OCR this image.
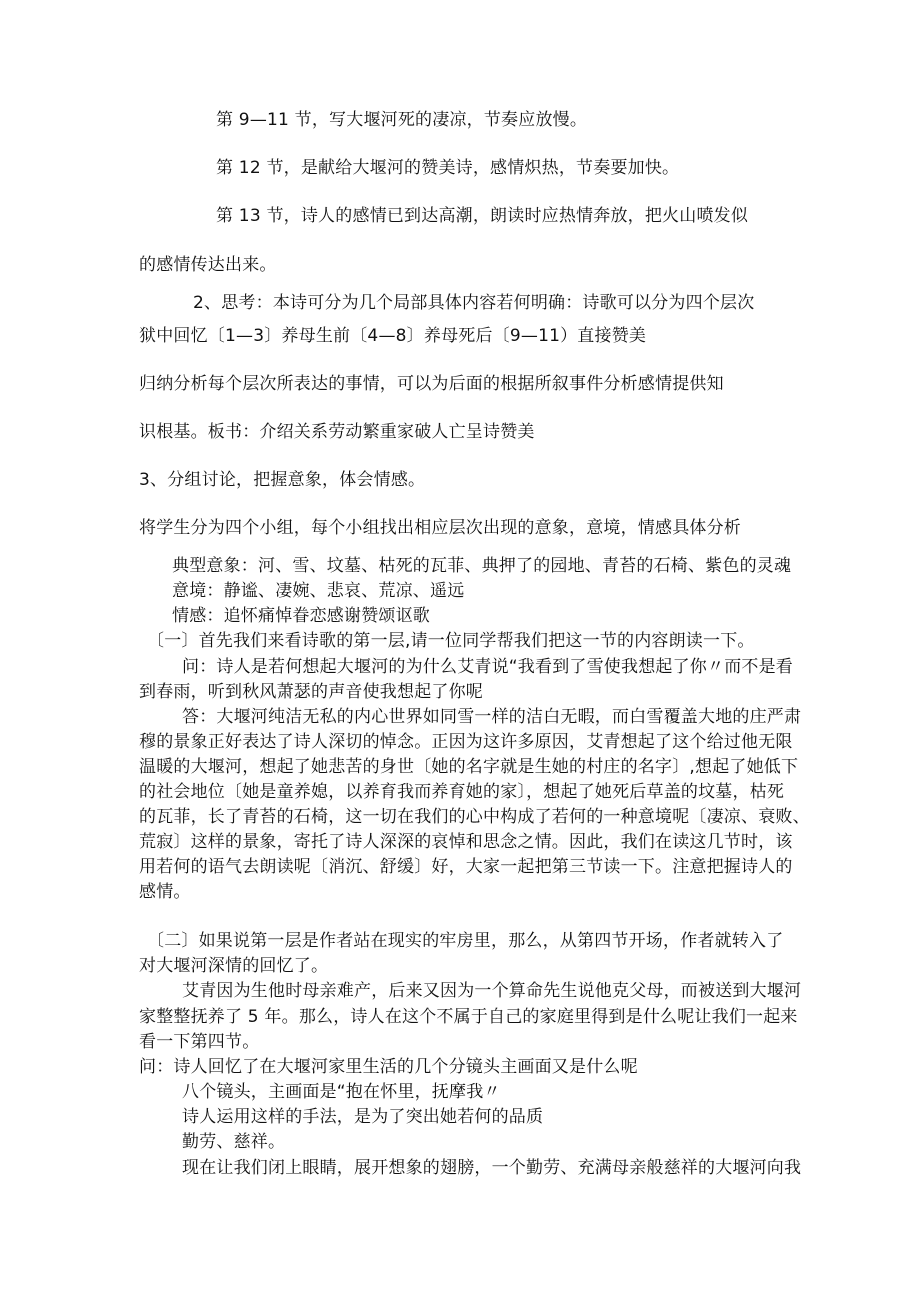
第 9—11 节，写大堰河死的凄凉，节奏应放慢。
第 12 节，是献给大堰河的赞美诗，感情炽热，节奏要加快。
第 13 节，诗人的感情已到达高潮，朗读时应热情奔放，把火山喷发似
的感情传达出来。
2、思考：本诗可分为几个局部具体内容若何明确：诗歌可以分为四个层次
狱中回忆〔1—3〕养母生前〔4—8〕养母死后〔9—11）直接赞美
归纳分析每个层次所表达的事情，可以为后面的根据所叙事件分析感情提供知
识根基。板书：介绍关系劳动繁重家破人亡呈诗赞美
3、分组讨论，把握意象，体会情感。
将学生分为四个小组，每个小组找出相应层次出现的意象，意境，情感具体分析
典型意象：河、雪、坟墓、枯死的瓦菲、典押了的园地、青苔的石椅、紫色的灵魂
意境：静谧、凄婉、悲哀、荒凉、遥远
情感：追怀痛悼眷恋感谢赞颂讴歌
〔一〕首先我们来看诗歌的第一层,请一位同学帮我们把这一节的内容朗读一下。
问：诗人是若何想起大堰河的为什么艾青说“我看到了雪使我想起了你〃而不是看
到春雨，听到秋风萧瑟的声音使我想起了你呢
答：大堰河纯洁无私的内心世界如同雪一样的洁白无暇，而白雪覆盖大地的庄严肃
穆的景象正好表达了诗人深切的悼念。正因为这许多原因，艾青想起了这个给过他无限
温暖的大堰河，想起了她悲苦的身世〔她的名字就是生她的村庄的名字〕,想起了她低下
的社会地位〔她是童养媳，以养育我而养育她的家〕，想起了她死后草盖的坟墓，枯死
的瓦菲，长了青苔的石椅，这一切在我们的心中构成了若何的一种意境呢〔凄凉、衰败、
荒寂〕这样的景象，寄托了诗人深深的哀悼和思念之情。因此，我们在读这几节时，该
用若何的语气去朗读呢〔消沉、舒缓〕好，大家一起把第三节读一下。注意把握诗人的
感情。
〔二〕如果说第一层是作者站在现实的牢房里，那么，从第四节开场，作者就转入了
对大堰河深情的回忆了。
艾青因为生他时母亲难产，后来又因为一个算命先生说他克父母，而被送到大堰河
家整整抚养了 5 年。那么，诗人在这个不属于自己的家庭里得到是什么呢让我们一起来
看一下第四节。
问：诗人回忆了在大堰河家里生活的几个分镜头主画面又是什么呢
八个镜头，主画面是“抱在怀里，抚摩我〃
诗人运用这样的手法，是为了突出她若何的品质
勤劳、慈祥。
现在让我们闭上眼睛，展开想象的翅膀，一个勤劳、充满母亲般慈祥的大堰河向我
